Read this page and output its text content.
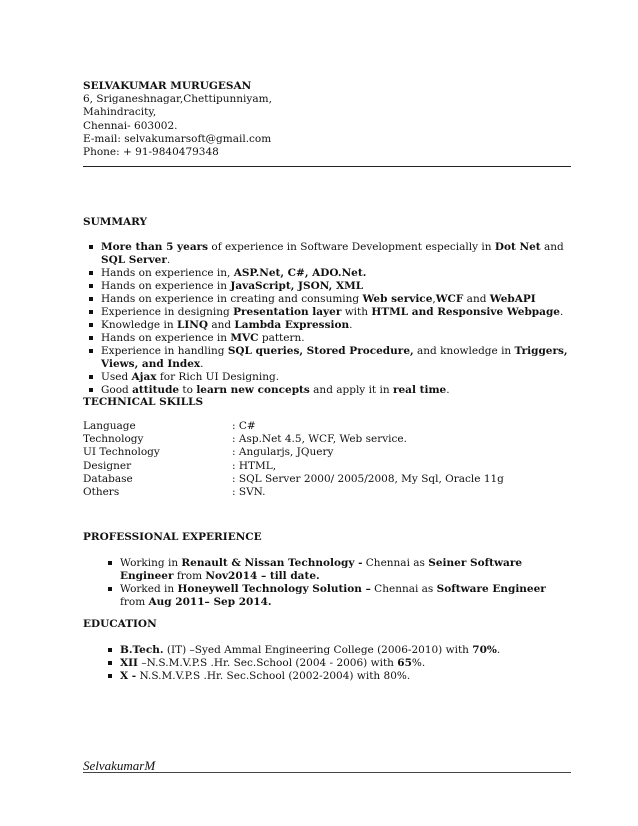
SELVAKUMAR MURUGESAN
6, Sriganeshnagar,Chettipunniyam,
Mahindracity,
Chennai- 603002.
E-mail: selvakumarsoft@gmail.com
Phone: + 91-9840479348
SUMMARY
More than 5 years of experience in Software Development especially in Dot Net and SQL Server.
Hands on experience in, ASP.Net, C#, ADO.Net.
Hands on experience in JavaScript, JSON, XML
Hands on experience in creating and consuming Web service,WCF and WebAPI
Experience in designing Presentation layer with HTML and Responsive Webpage.
Knowledge in LINQ and Lambda Expression.
Hands on experience in MVC pattern.
Experience in handling SQL queries, Stored Procedure, and knowledge in Triggers, Views, and Index.
Used Ajax for Rich UI Designing.
Good attitude to learn new concepts and apply it in real time.
TECHNICAL SKILLS
Language	: C#
Technology	: Asp.Net 4.5, WCF, Web service.
UI Technology	: Angularjs, JQuery
Designer	: HTML,
Database	: SQL Server 2000/ 2005/2008, My Sql, Oracle 11g
Others	: SVN.
PROFESSIONAL EXPERIENCE
Working in Renault & Nissan Technology - Chennai as Seiner Software Engineer from Nov2014 – till date.
Worked in Honeywell Technology Solution – Chennai as Software Engineer from Aug 2011– Sep 2014.
EDUCATION
B.Tech. (IT) –Syed Ammal Engineering College (2006-2010) with 70%.
XII –N.S.M.V.P.S .Hr. Sec.School (2004 - 2006) with 65%.
X - N.S.M.V.P.S .Hr. Sec.School (2002-2004) with 80%.
SelvakumarM
